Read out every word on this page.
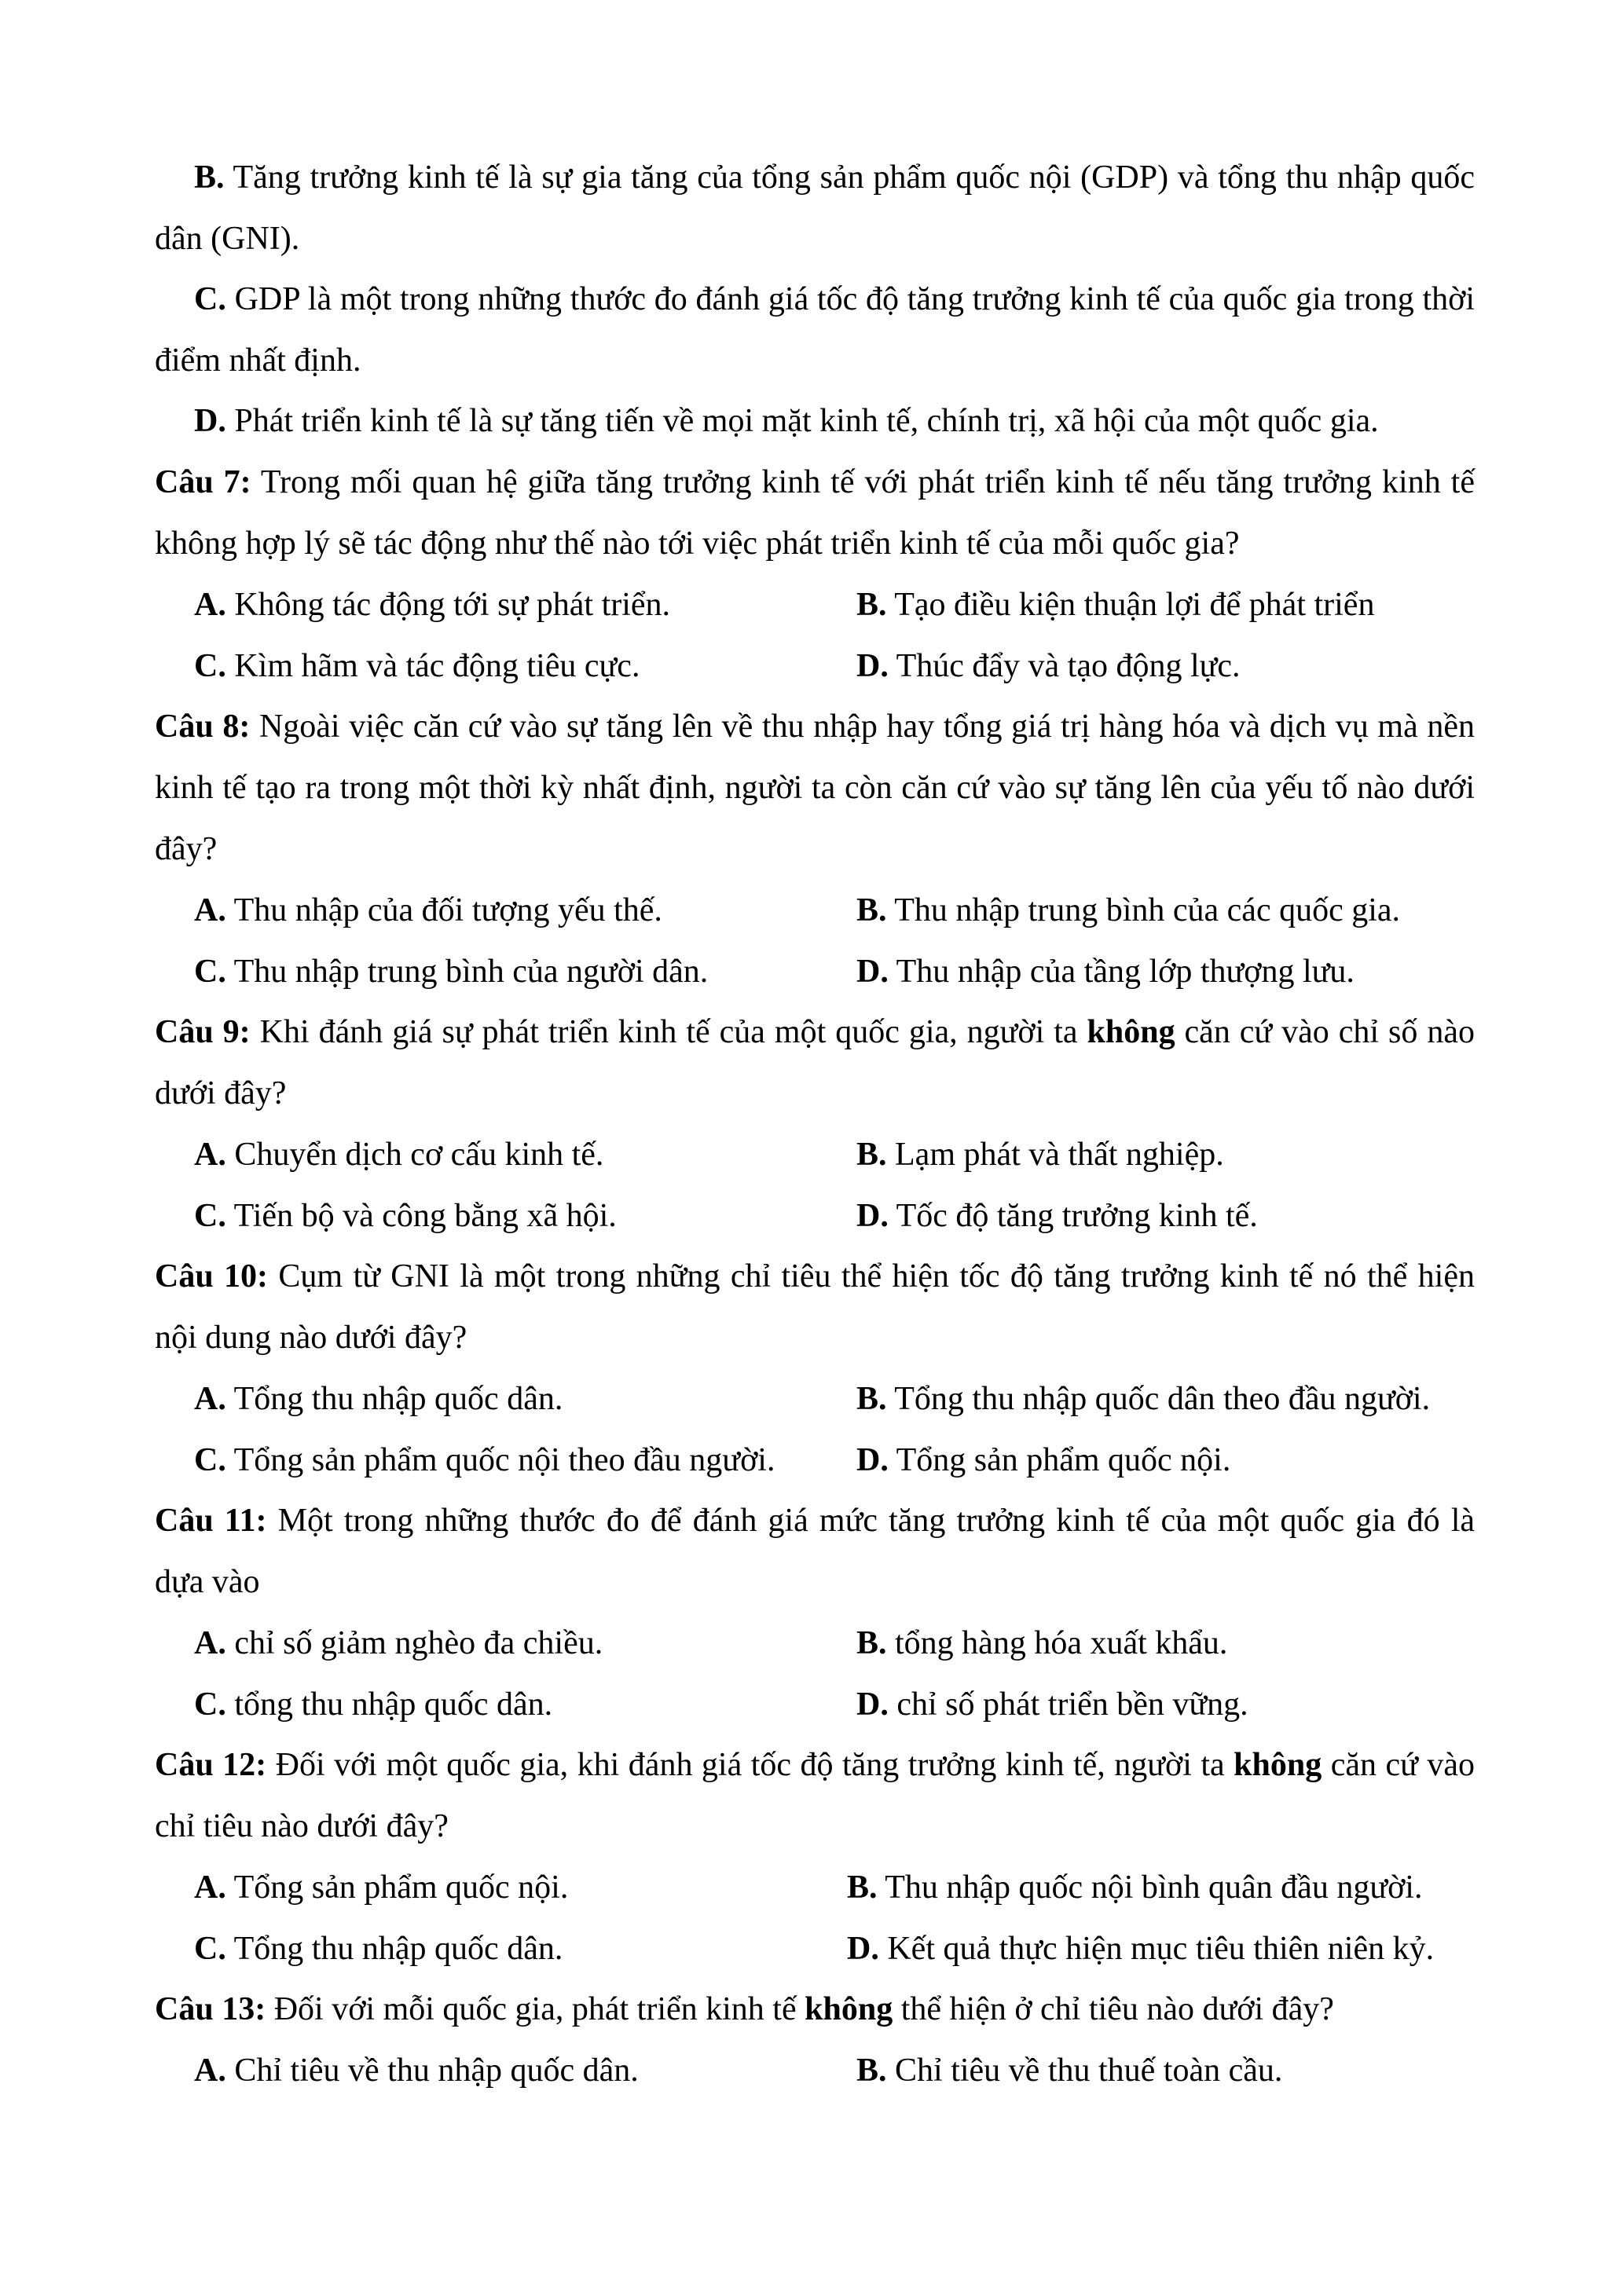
B. Tăng trưởng kinh tế là sự gia tăng của tổng sản phẩm quốc nội (GDP) và tổng thu nhập quốc dân (GNI).
C. GDP là một trong những thước đo đánh giá tốc độ tăng trưởng kinh tế của quốc gia trong thời điểm nhất định.
D. Phát triển kinh tế là sự tăng tiến về mọi mặt kinh tế, chính trị, xã hội của một quốc gia.
Câu 7: Trong mối quan hệ giữa tăng trưởng kinh tế với phát triển kinh tế nếu tăng trưởng kinh tế không hợp lý sẽ tác động như thế nào tới việc phát triển kinh tế của mỗi quốc gia?
A. Không tác động tới sự phát triển.	B. Tạo điều kiện thuận lợi để phát triển
C. Kìm hãm và tác động tiêu cực.	D. Thúc đẩy và tạo động lực.
Câu 8: Ngoài việc căn cứ vào sự tăng lên về thu nhập hay tổng giá trị hàng hóa và dịch vụ mà nền kinh tế tạo ra trong một thời kỳ nhất định, người ta còn căn cứ vào sự tăng lên của yếu tố nào dưới đây?
A. Thu nhập của đối tượng yếu thế.	B. Thu nhập trung bình của các quốc gia.
C. Thu nhập trung bình của người dân.	D. Thu nhập của tầng lớp thượng lưu.
Câu 9: Khi đánh giá sự phát triển kinh tế của một quốc gia, người ta không căn cứ vào chỉ số nào dưới đây?
A. Chuyển dịch cơ cấu kinh tế.	B. Lạm phát và thất nghiệp.
C. Tiến bộ và công bằng xã hội.	D. Tốc độ tăng trưởng kinh tế.
Câu 10: Cụm từ GNI là một trong những chỉ tiêu thể hiện tốc độ tăng trưởng kinh tế nó thể hiện nội dung nào dưới đây?
A. Tổng thu nhập quốc dân.	B. Tổng thu nhập quốc dân theo đầu người.
C. Tổng sản phẩm quốc nội theo đầu người. D. Tổng sản phẩm quốc nội.
Câu 11: Một trong những thước đo để đánh giá mức tăng trưởng kinh tế của một quốc gia đó là dựa vào
A. chỉ số giảm nghèo đa chiều.	B. tổng hàng hóa xuất khẩu.
C. tổng thu nhập quốc dân.	D. chỉ số phát triển bền vững.
Câu 12: Đối với một quốc gia, khi đánh giá tốc độ tăng trưởng kinh tế, người ta không căn cứ vào chỉ tiêu nào dưới đây?
A. Tổng sản phẩm quốc nội.	B. Thu nhập quốc nội bình quân đầu người.
C. Tổng thu nhập quốc dân.	D. Kết quả thực hiện mục tiêu thiên niên kỷ.
Câu 13: Đối với mỗi quốc gia, phát triển kinh tế không thể hiện ở chỉ tiêu nào dưới đây?
A. Chỉ tiêu về thu nhập quốc dân.	B. Chỉ tiêu về thu thuế toàn cầu.
